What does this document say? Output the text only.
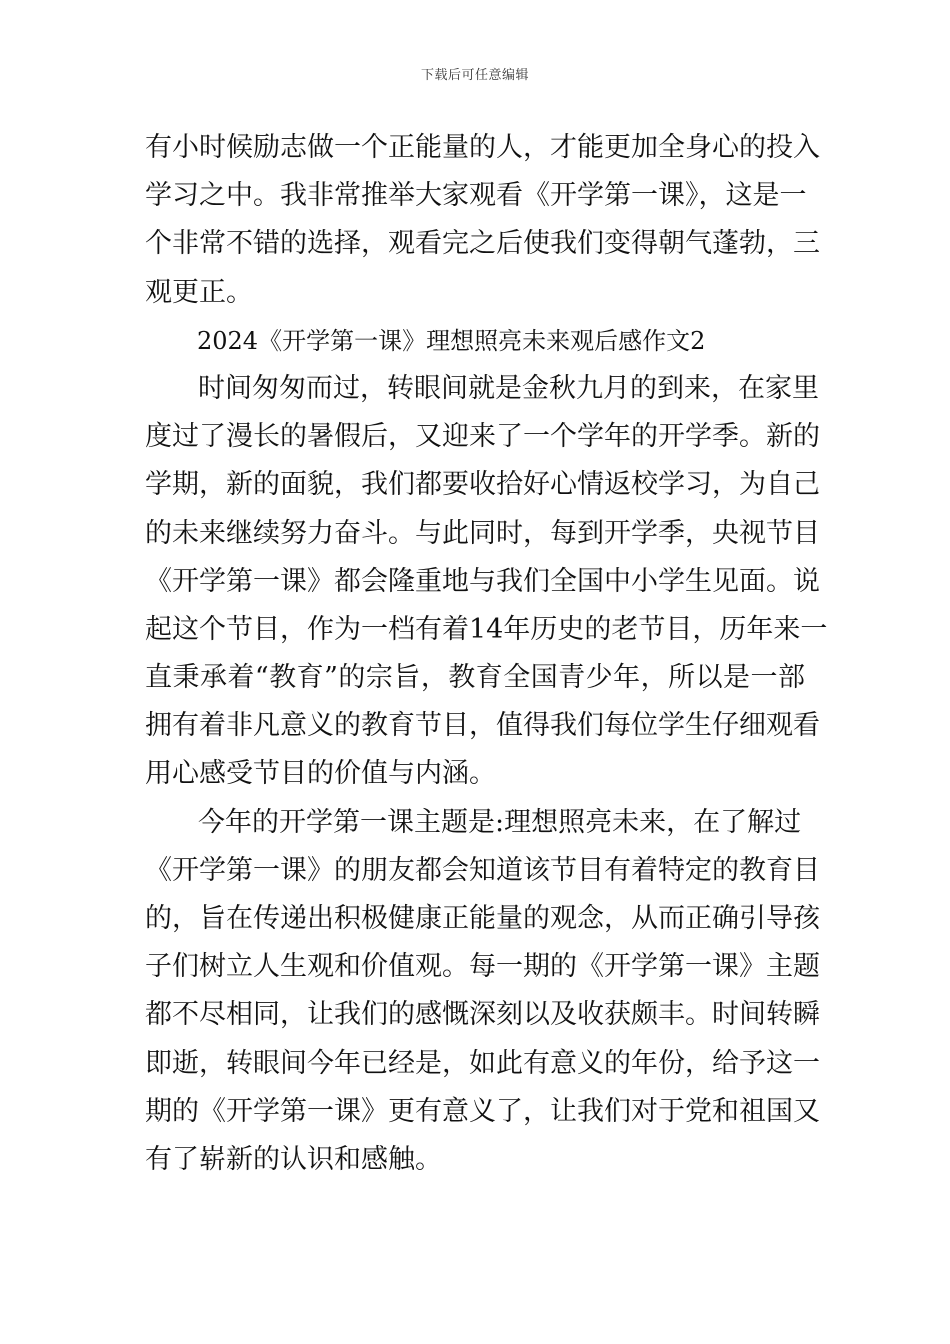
下载后可任意编辑
有小时候励志做一个正能量的人，才能更加全身心的投入
学习之中。我非常推举大家观看《开学第一课》，这是一
个非常不错的选择，观看完之后使我们变得朝气蓬勃，三
观更正。
2024《开学第一课》理想照亮未来观后感作文2
时间匆匆而过，转眼间就是金秋九月的到来，在家里
度过了漫长的暑假后，又迎来了一个学年的开学季。新的
学期，新的面貌，我们都要收拾好心情返校学习，为自己
的未来继续努力奋斗。与此同时，每到开学季，央视节目
《开学第一课》都会隆重地与我们全国中小学生见面。说
起这个节目，作为一档有着14年历史的老节目，历年来一
直秉承着“教育”的宗旨，教育全国青少年，所以是一部
拥有着非凡意义的教育节目，值得我们每位学生仔细观看
用心感受节目的价值与内涵。
今年的开学第一课主题是:理想照亮未来，在了解过
《开学第一课》的朋友都会知道该节目有着特定的教育目
的，旨在传递出积极健康正能量的观念，从而正确引导孩
子们树立人生观和价值观。每一期的《开学第一课》主题
都不尽相同，让我们的感慨深刻以及收获颇丰。时间转瞬
即逝，转眼间今年已经是，如此有意义的年份，给予这一
期的《开学第一课》更有意义了，让我们对于党和祖国又
有了崭新的认识和感触。
